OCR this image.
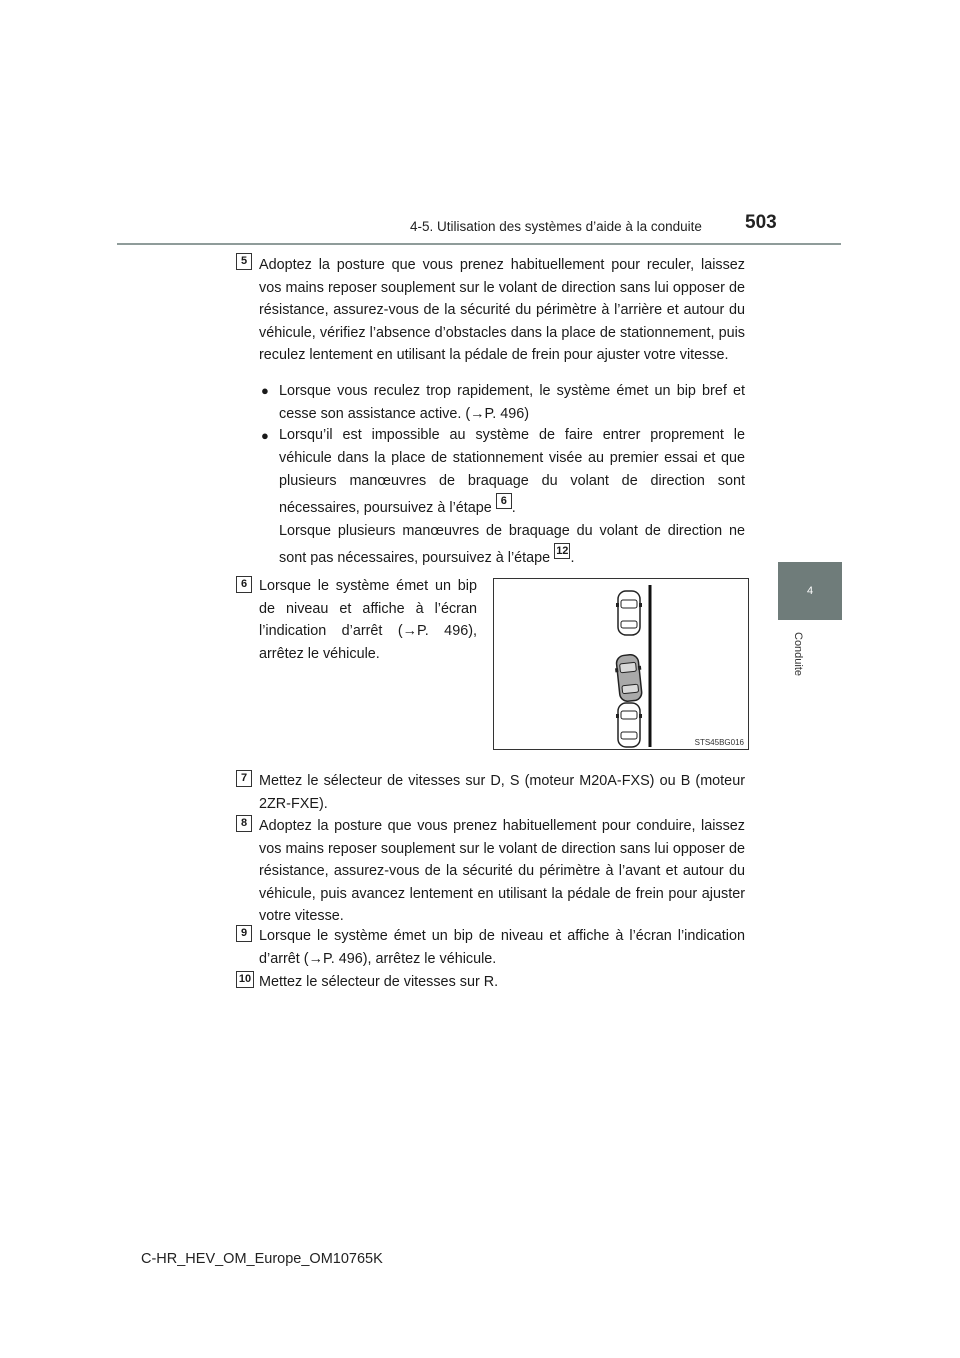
4-5. Utilisation des systèmes d’aide à la conduite 503
4
Conduite
5 Adoptez la posture que vous prenez habituellement pour reculer, laissez vos mains reposer souplement sur le volant de direction sans lui opposer de résistance, assurez-vous de la sécurité du périmètre à l’arrière et autour du véhicule, vérifiez l’absence d’obstacles dans la place de stationnement, puis reculez lentement en utilisant la pédale de frein pour ajuster votre vitesse.
● Lorsque vous reculez trop rapidement, le système émet un bip bref et cesse son assistance active. (→P. 496)
● Lorsqu’il est impossible au système de faire entrer proprement le véhicule dans la place de stationnement visée au premier essai et que plusieurs manœuvres de braquage du volant de direction sont nécessaires, poursuivez à l’étape 6 .
Lorsque plusieurs manœuvres de braquage du volant de direction ne sont pas nécessaires, poursuivez à l’étape 12 .
6 Lorsque le système émet un bip de niveau et affiche à l’écran l’indication d’arrêt (→P. 496), arrêtez le véhicule.
STS45BG016
7 Mettez le sélecteur de vitesses sur D, S (moteur M20A-FXS) ou B (moteur 2ZR-FXE).
8 Adoptez la posture que vous prenez habituellement pour conduire, laissez vos mains reposer souplement sur le volant de direction sans lui opposer de résistance, assurez-vous de la sécurité du périmètre à l’avant et autour du véhicule, puis avancez lentement en utilisant la pédale de frein pour ajuster votre vitesse.
9 Lorsque le système émet un bip de niveau et affiche à l’écran l’indication d’arrêt (→P. 496), arrêtez le véhicule.
10 Mettez le sélecteur de vitesses sur R.
C-HR_HEV_OM_Europe_OM10765K
